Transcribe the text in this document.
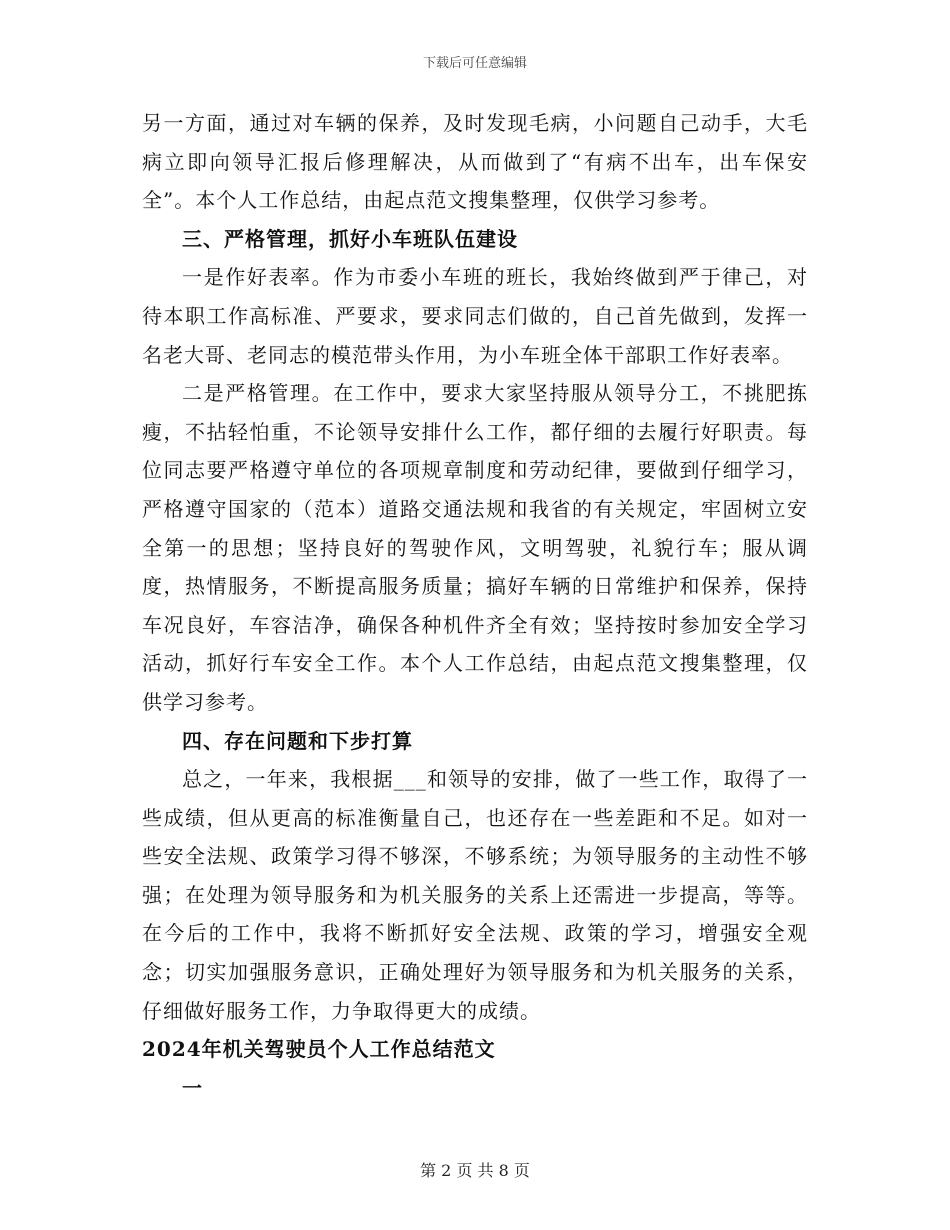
下载后可任意编辑

另一方面，通过对车辆的保养，及时发现毛病，小问题自己动手，大毛病立即向领导汇报后修理解决，从而做到了“有病不出车，出车保安全”。本个人工作总结，由起点范文搜集整理，仅供学习参考。

三、严格管理，抓好小车班队伍建设

一是作好表率。作为市委小车班的班长，我始终做到严于律己，对待本职工作高标准、严要求，要求同志们做的，自己首先做到，发挥一名老大哥、老同志的模范带头作用，为小车班全体干部职工作好表率。

二是严格管理。在工作中，要求大家坚持服从领导分工，不挑肥拣瘦，不拈轻怕重，不论领导安排什么工作，都仔细的去履行好职责。每位同志要严格遵守单位的各项规章制度和劳动纪律，要做到仔细学习，严格遵守国家的（范本）道路交通法规和我省的有关规定，牢固树立安全第一的思想；坚持良好的驾驶作风，文明驾驶，礼貌行车；服从调度，热情服务，不断提高服务质量；搞好车辆的日常维护和保养，保持车况良好，车容洁净，确保各种机件齐全有效；坚持按时参加安全学习活动，抓好行车安全工作。本个人工作总结，由起点范文搜集整理，仅供学习参考。

四、存在问题和下步打算

总之，一年来，我根据___和领导的安排，做了一些工作，取得了一些成绩，但从更高的标准衡量自己，也还存在一些差距和不足。如对一些安全法规、政策学习得不够深，不够系统；为领导服务的主动性不够强；在处理为领导服务和为机关服务的关系上还需进一步提高，等等。在今后的工作中，我将不断抓好安全法规、政策的学习，增强安全观念；切实加强服务意识，正确处理好为领导服务和为机关服务的关系，仔细做好服务工作，力争取得更大的成绩。

2024年机关驾驶员个人工作总结范文

一

第 2 页 共 8 页
